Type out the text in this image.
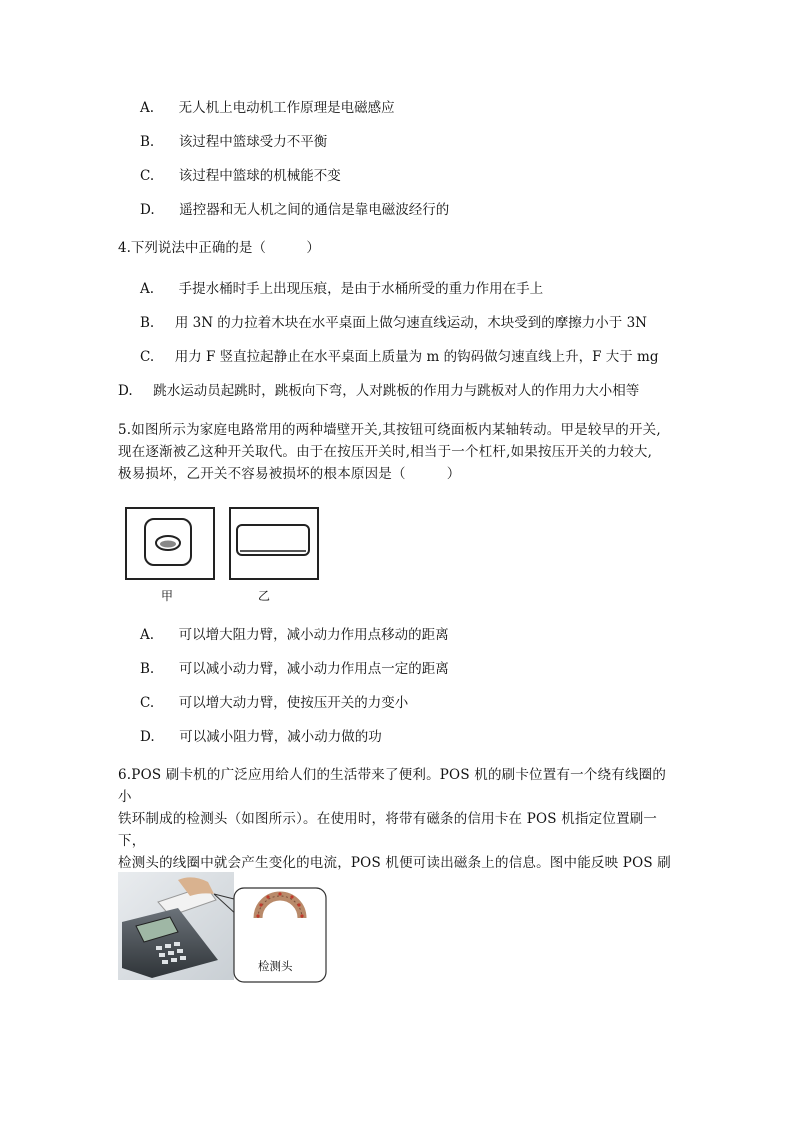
A. 无人机上电动机工作原理是电磁感应
B. 该过程中篮球受力不平衡
C. 该过程中篮球的机械能不变
D. 遥控器和无人机之间的通信是靠电磁波经行的
4.下列说法中正确的是（　　　）
A. 手提水桶时手上出现压痕，是由于水桶所受的重力作用在手上
B. 用 3N 的力拉着木块在水平桌面上做匀速直线运动，木块受到的摩擦力小于 3N
C. 用力 F 竖直拉起静止在水平桌面上质量为 m 的钩码做匀速直线上升，F 大于 mg
D. 跳水运动员起跳时，跳板向下弯，人对跳板的作用力与跳板对人的作用力大小相等
5.如图所示为家庭电路常用的两种墙壁开关,其按钮可绕面板内某轴转动。甲是较早的开关,
现在逐渐被乙这种开关取代。由于在按压开关时,相当于一个杠杆,如果按压开关的力较大,
极易损坏，乙开关不容易被损坏的根本原因是（　　　）
甲	乙
A. 可以增大阻力臂，减小动力作用点移动的距离
B. 可以减小动力臂，减小动力作用点一定的距离
C. 可以增大动力臂，使按压开关的力变小
D. 可以减小阻力臂，减小动力做的功
6.POS 刷卡机的广泛应用给人们的生活带来了便利。POS 机的刷卡位置有一个绕有线圈的小
铁环制成的检测头（如图所示）。在使用时，将带有磁条的信用卡在 POS 机指定位置刷一下，
检测头的线圈中就会产生变化的电流，POS 机便可读出磁条上的信息。图中能反映 POS 刷
检测头
